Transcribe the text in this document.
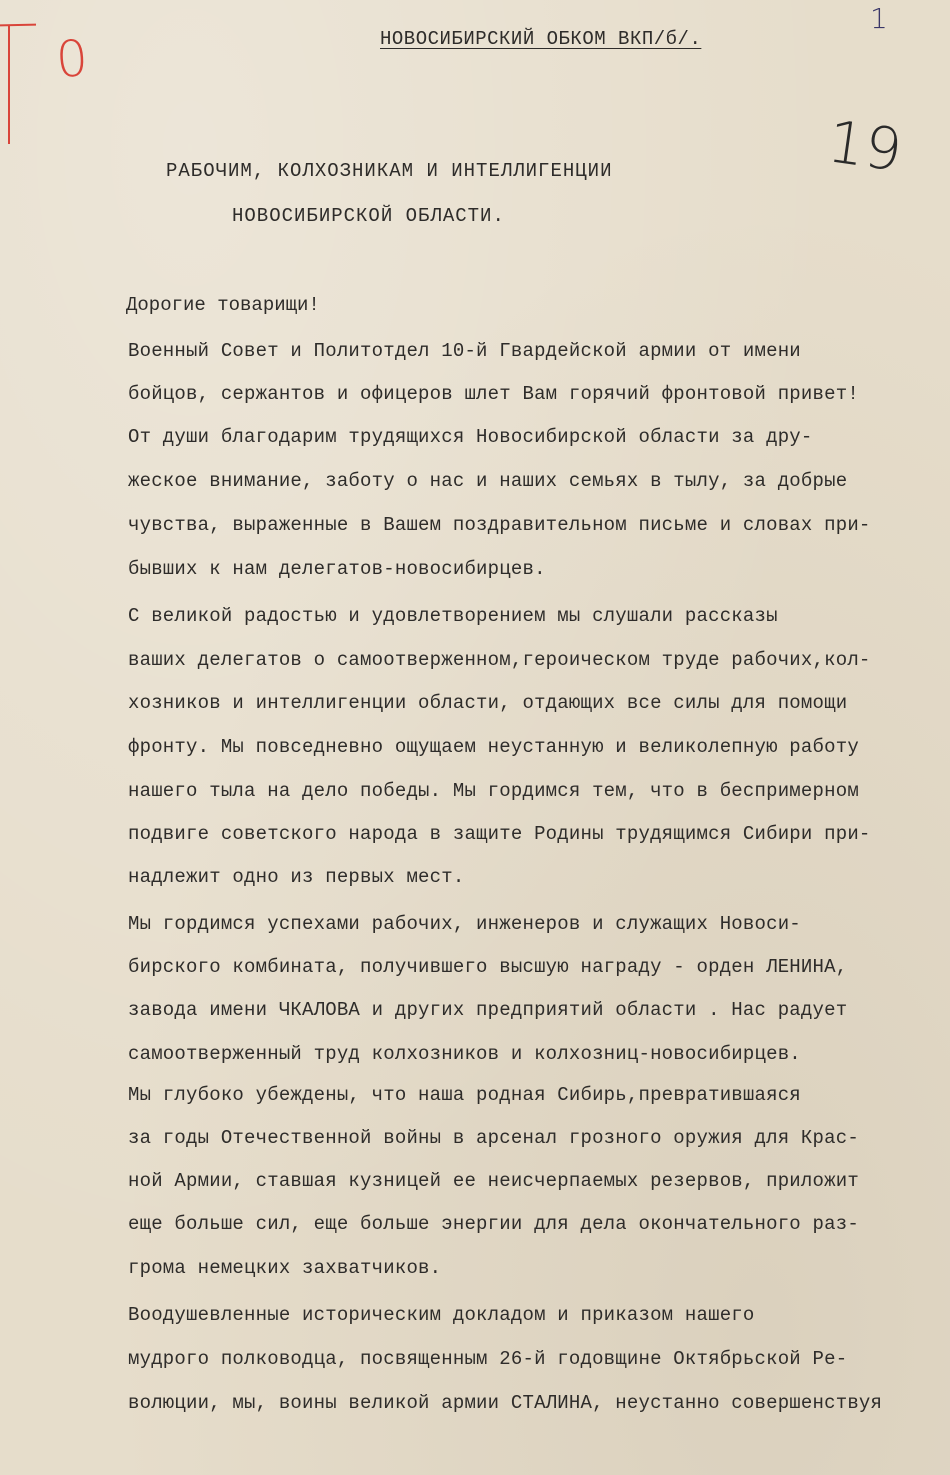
0
1
19
НОВОСИБИРСКИЙ ОБКОМ ВКП/б/.
РАБОЧИМ, КОЛХОЗНИКАМ И ИНТЕЛЛИГЕНЦИИ
НОВОСИБИРСКОЙ ОБЛАСТИ.
Дорогие товарищи!
Военный Совет и Политотдел 10-й Гвардейской армии от имени
бойцов, сержантов и офицеров шлет Вам горячий фронтовой привет!
От души благодарим трудящихся Новосибирской области за дру-
жеское внимание, заботу о нас и наших семьях в тылу, за добрые
чувства, выраженные в Вашем поздравительном письме и словах при-
бывших к нам делегатов-новосибирцев.
С великой радостью и удовлетворением мы слушали рассказы
ваших делегатов о самоотверженном,героическом труде рабочих,кол-
хозников и интеллигенции области, отдающих все силы для помощи
фронту. Мы повседневно ощущаем неустанную и великолепную работу
нашего тыла на дело победы. Мы гордимся тем, что в беспримерном
подвиге советского народа в защите Родины трудящимся Сибири при-
надлежит одно из первых мест.
Мы гордимся успехами рабочих, инженеров и служащих Новоси-
бирского комбината, получившего высшую награду - орден ЛЕНИНА,
завода имени ЧКАЛОВА и других предприятий области . Нас радует
самоотверженный труд колхозников и колхозниц-новосибирцев.
Мы глубоко убеждены, что наша родная Сибирь,превратившаяся
за годы Отечественной войны в арсенал грозного оружия для Крас-
ной Армии, ставшая кузницей ее неисчерпаемых резервов, приложит
еще больше сил, еще больше энергии для дела окончательного раз-
грома немецких захватчиков.
Воодушевленные историческим докладом и приказом нашего
мудрого полководца, посвященным 26-й годовщине Октябрьской Ре-
волюции, мы, воины великой армии СТАЛИНА, неустанно совершенствуя
